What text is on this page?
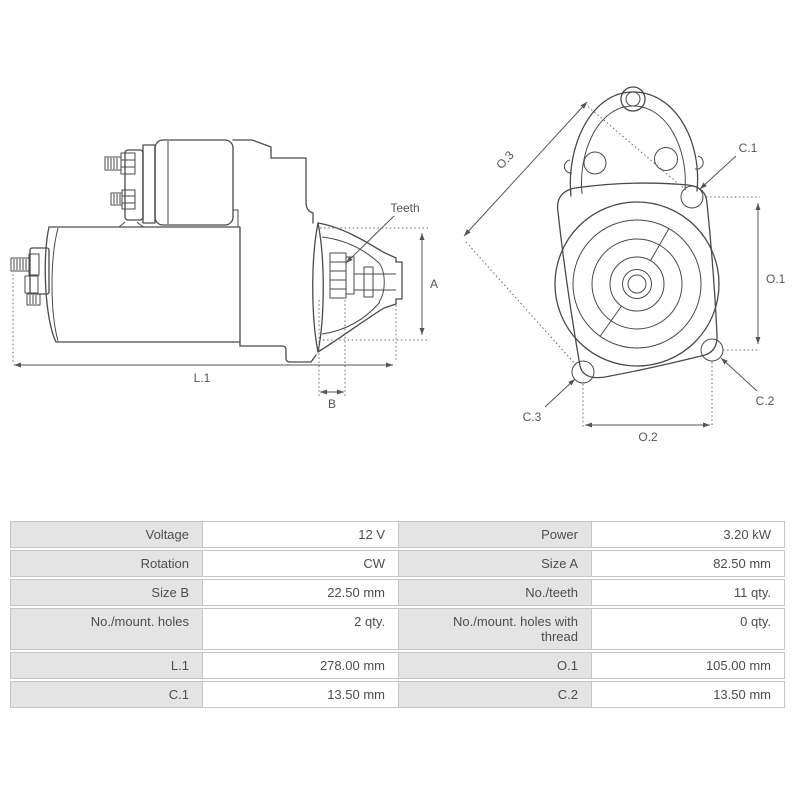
A
Teeth
L.1
B
O.3
C.1
O.1
C.2
C.3
O.2
Voltage	12 V	Power	3.20 kW
Rotation	CW	Size A	82.50 mm
Size B	22.50 mm	No./teeth	11 qty.
No./mount. holes	2 qty.	No./mount. holes with thread	0 qty.
L.1	278.00 mm	O.1	105.00 mm
C.1	13.50 mm	C.2	13.50 mm
